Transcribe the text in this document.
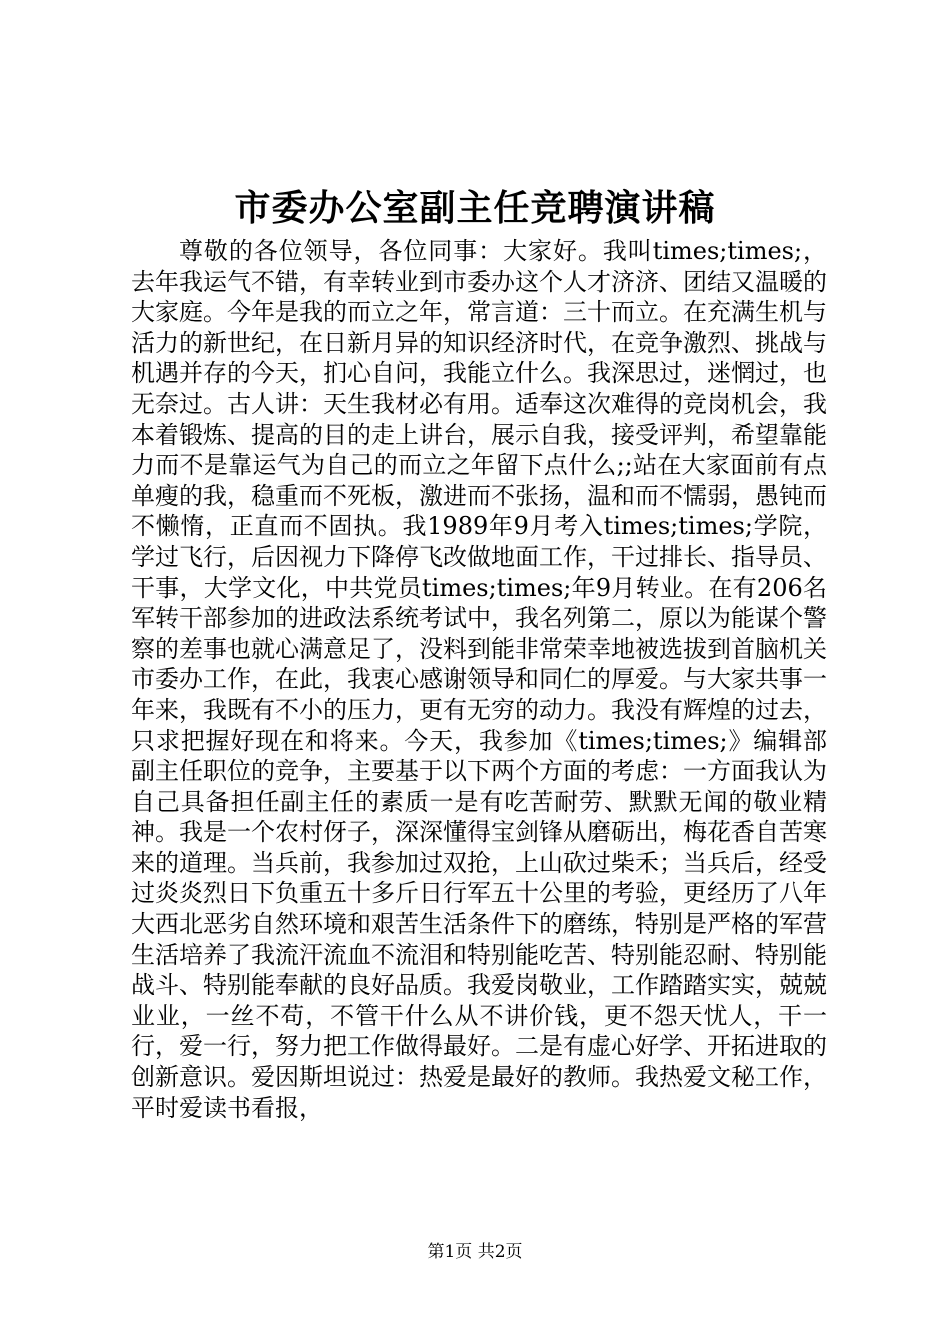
市委办公室副主任竞聘演讲稿

尊敬的各位领导，各位同事：大家好。我叫times;times;，去年我运气不错，有幸转业到市委办这个人才济济、团结又温暖的大家庭。今年是我的而立之年，常言道：三十而立。在充满生机与活力的新世纪，在日新月异的知识经济时代，在竞争激烈、挑战与机遇并存的今天，扪心自问，我能立什么。我深思过，迷惘过，也无奈过。古人讲：天生我材必有用。适奉这次难得的竞岗机会，我本着锻炼、提高的目的走上讲台，展示自我，接受评判，希望靠能力而不是靠运气为自己的而立之年留下点什么;;站在大家面前有点单瘦的我，稳重而不死板，激进而不张扬，温和而不懦弱，愚钝而不懒惰，正直而不固执。我1989年9月考入times;times;学院，学过飞行，后因视力下降停飞改做地面工作，干过排长、指导员、干事，大学文化，中共党员times;times;年9月转业。在有206名军转干部参加的进政法系统考试中，我名列第二，原以为能谋个警察的差事也就心满意足了，没料到能非常荣幸地被选拔到首脑机关市委办工作，在此，我衷心感谢领导和同仁的厚爱。与大家共事一年来，我既有不小的压力，更有无穷的动力。我没有辉煌的过去，只求把握好现在和将来。今天，我参加《times;times;》编辑部副主任职位的竞争，主要基于以下两个方面的考虑：一方面我认为自己具备担任副主任的素质一是有吃苦耐劳、默默无闻的敬业精神。我是一个农村伢子，深深懂得宝剑锋从磨砺出，梅花香自苦寒来的道理。当兵前，我参加过双抢，上山砍过柴禾；当兵后，经受过炎炎烈日下负重五十多斤日行军五十公里的考验，更经历了八年大西北恶劣自然环境和艰苦生活条件下的磨练，特别是严格的军营生活培养了我流汗流血不流泪和特别能吃苦、特别能忍耐、特别能战斗、特别能奉献的良好品质。我爱岗敬业，工作踏踏实实，兢兢业业，一丝不苟，不管干什么从不讲价钱，更不怨天忧人，干一行，爱一行，努力把工作做得最好。二是有虚心好学、开拓进取的创新意识。爱因斯坦说过：热爱是最好的教师。我热爱文秘工作，平时爱读书看报，

第1页 共2页
